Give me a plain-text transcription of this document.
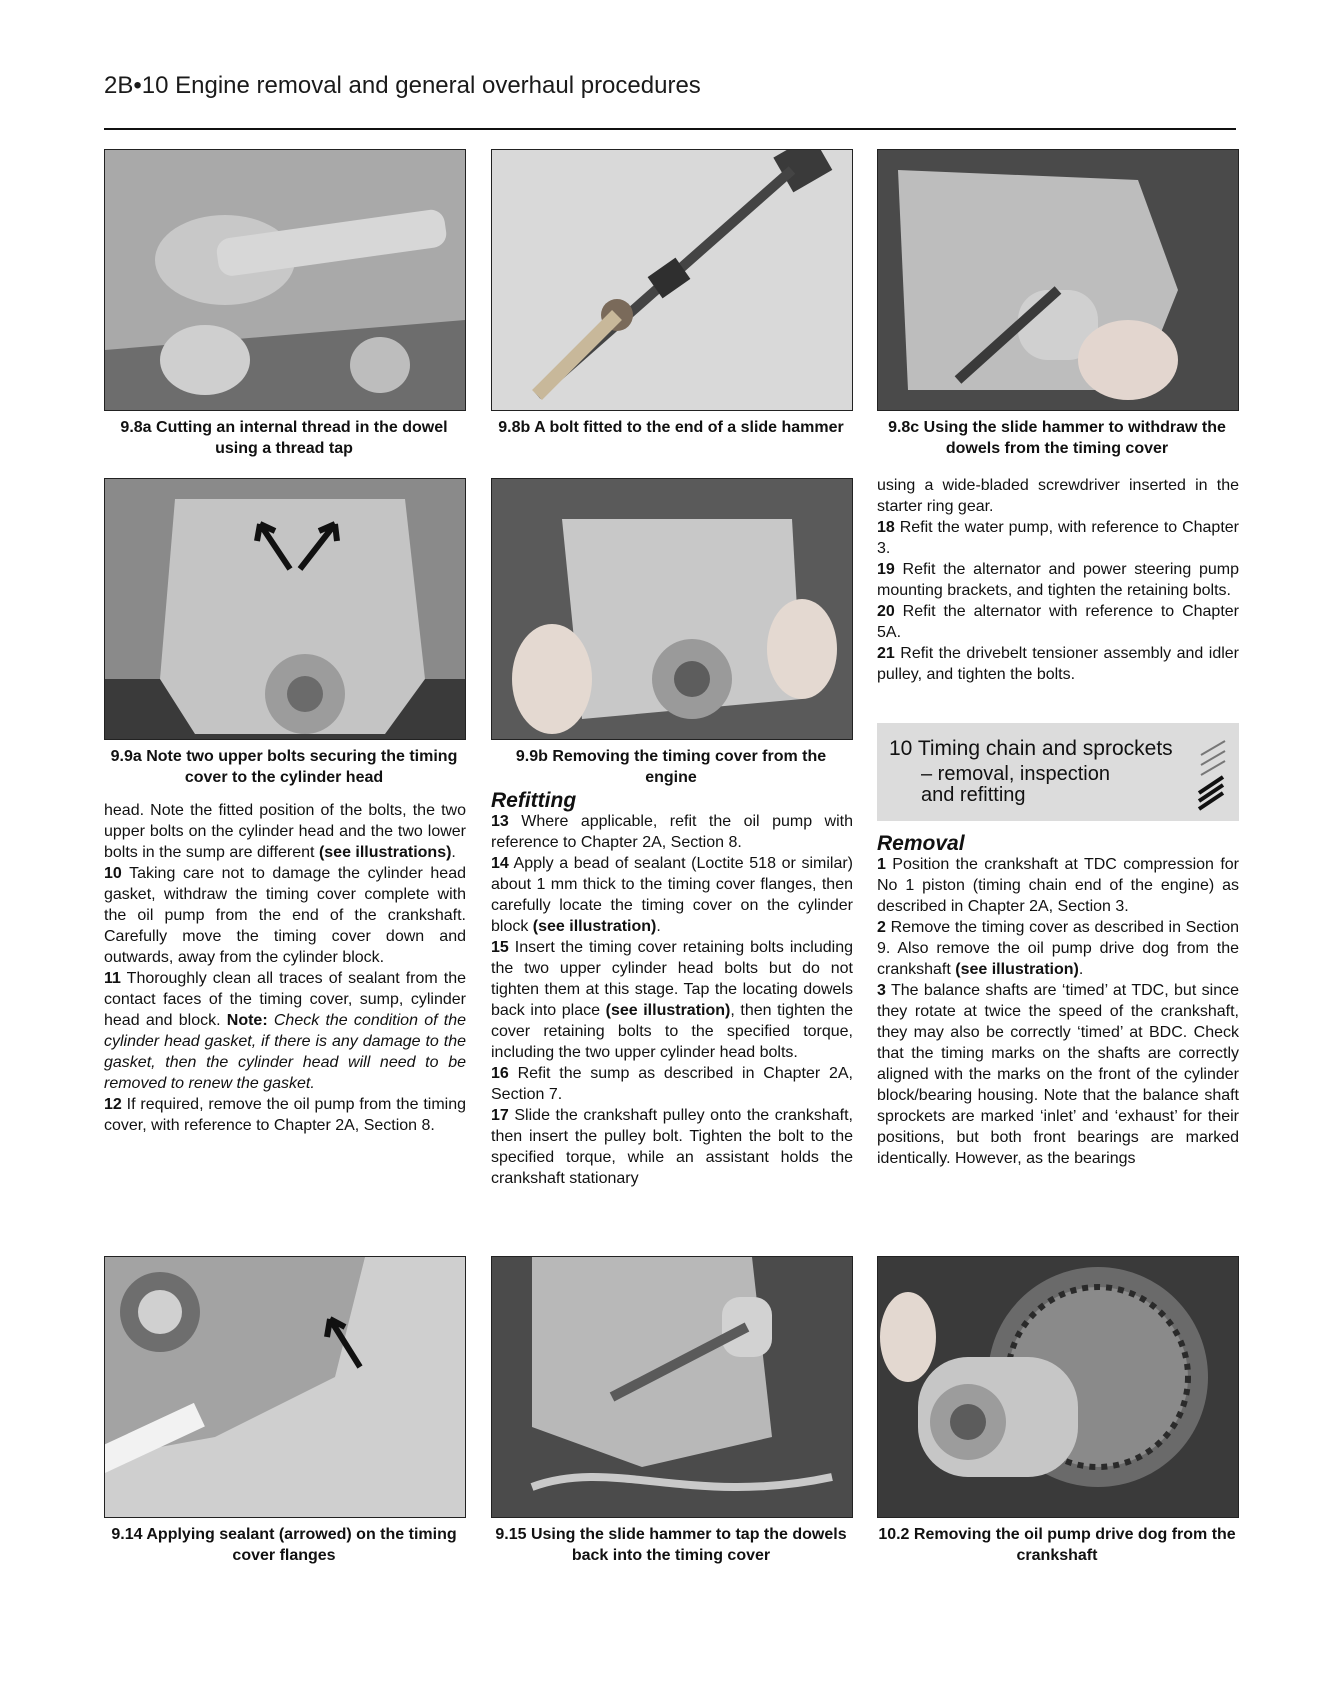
2B•10 Engine removal and general overhaul procedures
9.8a Cutting an internal thread in the dowel using a thread tap
9.8b A bolt fitted to the end of a slide hammer	9.8c Using the slide hammer to withdraw the dowels from the timing cover
9.9a Note two upper bolts securing the timing cover to the cylinder head
9.9b Removing the timing cover from the engine

using a wide-bladed screwdriver inserted in the starter ring gear.

18 Refit the water pump, with reference to Chapter 3.

19 Refit the alternator and power steering pump mounting brackets, and tighten the retaining bolts.

20 Refit the alternator with reference to Chapter 5A.

21 Refit the drivebelt tensioner assembly and idler pulley, and tighten the bolts.

10 Timing chain and sprockets
– removal, inspection
and refitting

head. Note the fitted position of the bolts, the two upper bolts on the cylinder head and the two lower bolts in the sump are different (see illustrations).

10 Taking care not to damage the cylinder head gasket, withdraw the timing cover complete with the oil pump from the end of the crankshaft. Carefully move the timing cover down and outwards, away from the cylinder block.

11 Thoroughly clean all traces of sealant from the contact faces of the timing cover, sump, cylinder head and block. Note: Check the condition of the cylinder head gasket, if there is any damage to the gasket, then the cylinder head will need to be removed to renew the gasket.

12 If required, remove the oil pump from the timing cover, with reference to Chapter 2A, Section 8.

Refitting

13 Where applicable, refit the oil pump with reference to Chapter 2A, Section 8.

14 Apply a bead of sealant (Loctite 518 or similar) about 1 mm thick to the timing cover flanges, then carefully locate the timing cover on the cylinder block (see illustration).

15 Insert the timing cover retaining bolts including the two upper cylinder head bolts but do not tighten them at this stage. Tap the locating dowels back into place (see illustration), then tighten the cover retaining bolts to the specified torque, including the two upper cylinder head bolts.

16 Refit the sump as described in Chapter 2A, Section 7.

17 Slide the crankshaft pulley onto the crankshaft, then insert the pulley bolt. Tighten the bolt to the specified torque, while an assistant holds the crankshaft stationary

Removal

1 Position the crankshaft at TDC compression for No 1 piston (timing chain end of the engine) as described in Chapter 2A, Section 3.

2 Remove the timing cover as described in Section 9. Also remove the oil pump drive dog from the crankshaft (see illustration).

3 The balance shafts are ‘timed’ at TDC, but since they rotate at twice the speed of the crankshaft, they may also be correctly ‘timed’ at BDC. Check that the timing marks on the shafts are correctly aligned with the marks on the front of the cylinder block/bearing housing. Note that the balance shaft sprockets are marked ‘inlet’ and ‘exhaust’ for their positions, but both front bearings are marked identically. However, as the bearings

9.14 Applying sealant (arrowed) on the timing cover flanges
9.15 Using the slide hammer to tap the dowels back into the timing cover
10.2 Removing the oil pump drive dog from the crankshaft
